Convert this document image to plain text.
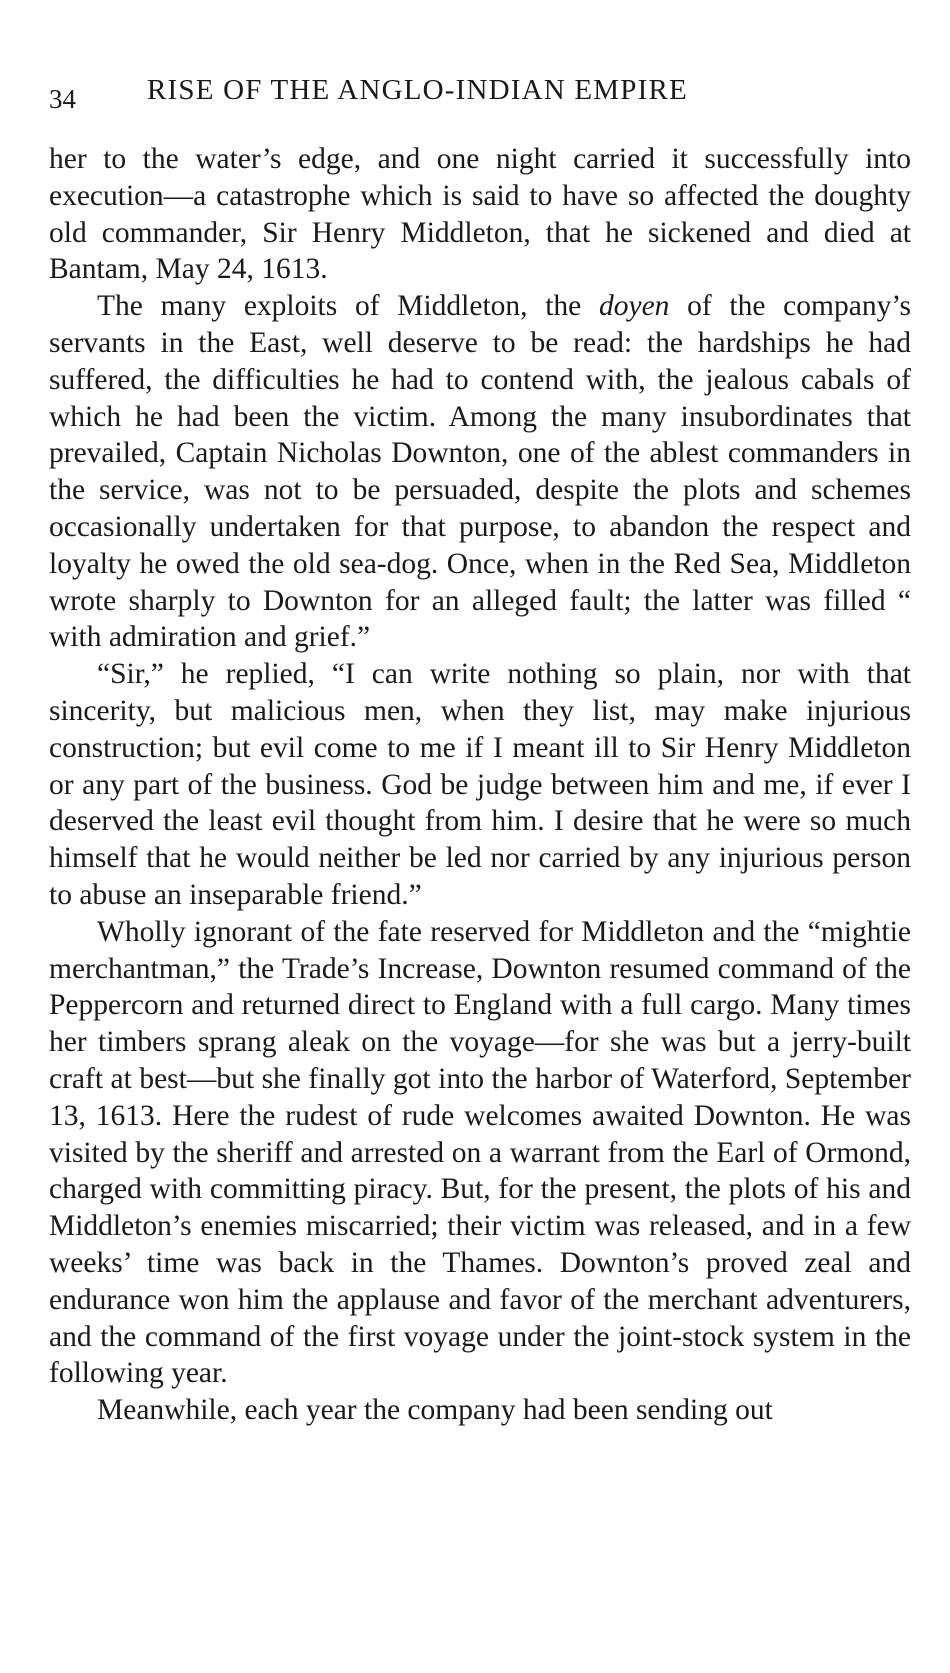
34 RISE OF THE ANGLO-INDIAN EMPIRE

her to the water’s edge, and one night carried it successfully into execution—a catastrophe which is said to have so affected the doughty old commander, Sir Henry Middleton, that he sickened and died at Bantam, May 24, 1613.

The many exploits of Middleton, the doyen of the company’s servants in the East, well deserve to be read: the hardships he had suffered, the difficulties he had to contend with, the jealous cabals of which he had been the victim. Among the many insubordinates that prevailed, Captain Nicholas Downton, one of the ablest commanders in the service, was not to be persuaded, despite the plots and schemes occasionally undertaken for that purpose, to abandon the respect and loyalty he owed the old sea-dog. Once, when in the Red Sea, Middleton wrote sharply to Downton for an alleged fault; the latter was filled “ with admiration and grief.”

“Sir,” he replied, “I can write nothing so plain, nor with that sincerity, but malicious men, when they list, may make injurious construction; but evil come to me if I meant ill to Sir Henry Middleton or any part of the business. God be judge between him and me, if ever I deserved the least evil thought from him. I desire that he were so much himself that he would neither be led nor carried by any injurious person to abuse an inseparable friend.”

Wholly ignorant of the fate reserved for Middleton and the “mightie merchantman,” the Trade’s Increase, Downton resumed command of the Peppercorn and returned direct to England with a full cargo. Many times her timbers sprang aleak on the voyage—for she was but a jerry-built craft at best—but she finally got into the harbor of Waterford, September 13, 1613. Here the rudest of rude welcomes awaited Downton. He was visited by the sheriff and arrested on a warrant from the Earl of Ormond, charged with committing piracy. But, for the present, the plots of his and Middleton’s enemies miscarried; their victim was released, and in a few weeks’ time was back in the Thames. Downton’s proved zeal and endurance won him the applause and favor of the merchant adventurers, and the command of the first voyage under the joint-stock system in the following year.

Meanwhile, each year the company had been sending out
